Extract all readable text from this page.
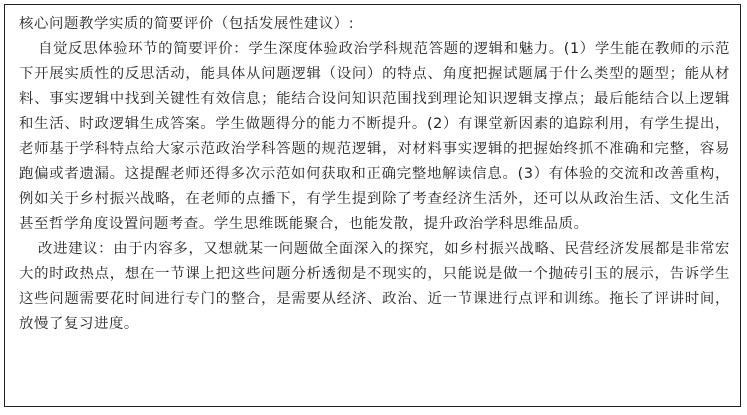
核心问题教学实质的简要评价（包括发展性建议）:

自觉反思体验环节的简要评价：学生深度体验政治学科规范答题的逻辑和魅力。(1）学生能在教师的示范下开展实质性的反思活动，能具体从问题逻辑（设问）的特点、角度把握试题属于什么类型的题型；能从材料、事实逻辑中找到关键性有效信息；能结合设问知识范围找到理论知识逻辑支撑点；最后能结合以上逻辑和生活、时政逻辑生成答案。学生做题得分的能力不断提升。(2）有课堂新因素的追踪利用，有学生提出，老师基于学科特点给大家示范政治学科答题的规范逻辑，对材料事实逻辑的把握始终抓不准确和完整，容易跑偏或者遗漏。这提醒老师还得多次示范如何获取和正确完整地解读信息。(3）有体验的交流和改善重构，例如关于乡村振兴战略，在老师的点播下，有学生提到除了考查经济生活外，还可以从政治生活、文化生活甚至哲学角度设置问题考查。学生思维既能聚合，也能发散，提升政治学科思维品质。

改进建议：由于内容多，又想就某一问题做全面深入的探究，如乡村振兴战略、民营经济发展都是非常宏大的时政热点，想在一节课上把这些问题分析透彻是不现实的，只能说是做一个抛砖引玉的展示，告诉学生这些问题需要花时间进行专门的整合，是需要从经济、政治、近一节课进行点评和训练。拖长了评讲时间，放慢了复习进度。
